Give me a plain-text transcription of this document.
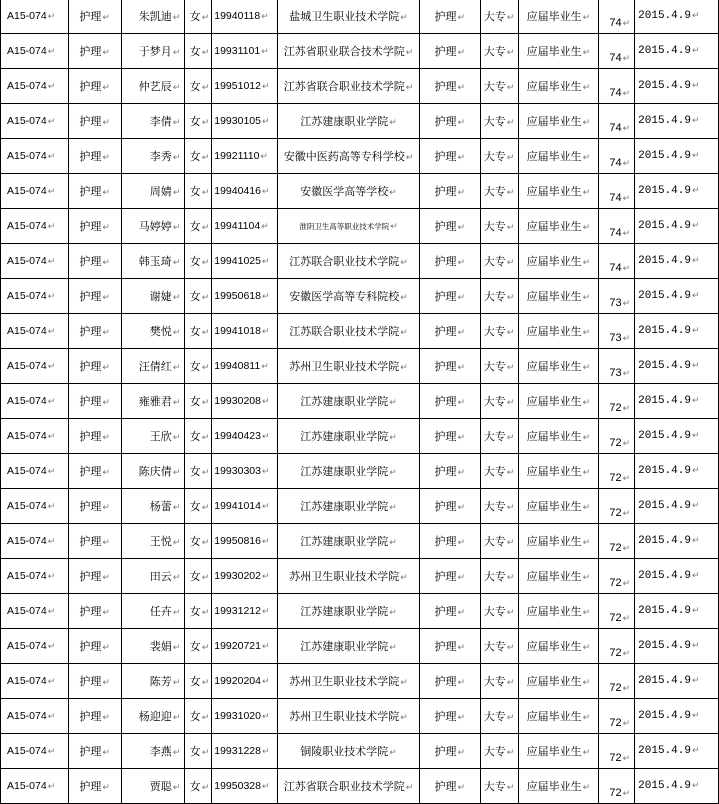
A15-074↵	护理↵	朱凯迪↵	女↵	19940118↵	盐城卫生职业技术学院↵	护理↵	大专↵	应届毕业生↵	74↵	2015.4.9↵
A15-074↵	护理↵	于梦月↵	女↵	19931101↵	江苏省职业联合技术学院↵	护理↵	大专↵	应届毕业生↵	74↵	2015.4.9↵
A15-074↵	护理↵	仲艺辰↵	女↵	19951012↵	江苏省联合职业技术学院↵	护理↵	大专↵	应届毕业生↵	74↵	2015.4.9↵
A15-074↵	护理↵	李倩↵	女↵	19930105↵	江苏建康职业学院↵	护理↵	大专↵	应届毕业生↵	74↵	2015.4.9↵
A15-074↵	护理↵	李秀↵	女↵	19921110↵	安徽中医药高等专科学校↵	护理↵	大专↵	应届毕业生↵	74↵	2015.4.9↵
A15-074↵	护理↵	周婧↵	女↵	19940416↵	安徽医学高等学校↵	护理↵	大专↵	应届毕业生↵	74↵	2015.4.9↵
A15-074↵	护理↵	马婷婷↵	女↵	19941104↵	淮阴卫生高等职业技术学院↵	护理↵	大专↵	应届毕业生↵	74↵	2015.4.9↵
A15-074↵	护理↵	韩玉琦↵	女↵	19941025↵	江苏联合职业技术学院↵	护理↵	大专↵	应届毕业生↵	74↵	2015.4.9↵
A15-074↵	护理↵	谢婕↵	女↵	19950618↵	安徽医学高等专科院校↵	护理↵	大专↵	应届毕业生↵	73↵	2015.4.9↵
A15-074↵	护理↵	樊悦↵	女↵	19941018↵	江苏联合职业技术学院↵	护理↵	大专↵	应届毕业生↵	73↵	2015.4.9↵
A15-074↵	护理↵	汪倩红↵	女↵	19940811↵	苏州卫生职业技术学院↵	护理↵	大专↵	应届毕业生↵	73↵	2015.4.9↵
A15-074↵	护理↵	雍雅君↵	女↵	19930208↵	江苏建康职业学院↵	护理↵	大专↵	应届毕业生↵	72↵	2015.4.9↵
A15-074↵	护理↵	王欣↵	女↵	19940423↵	江苏建康职业学院↵	护理↵	大专↵	应届毕业生↵	72↵	2015.4.9↵
A15-074↵	护理↵	陈庆倩↵	女↵	19930303↵	江苏建康职业学院↵	护理↵	大专↵	应届毕业生↵	72↵	2015.4.9↵
A15-074↵	护理↵	杨蕾↵	女↵	19941014↵	江苏建康职业学院↵	护理↵	大专↵	应届毕业生↵	72↵	2015.4.9↵
A15-074↵	护理↵	王悦↵	女↵	19950816↵	江苏建康职业学院↵	护理↵	大专↵	应届毕业生↵	72↵	2015.4.9↵
A15-074↵	护理↵	田云↵	女↵	19930202↵	苏州卫生职业技术学院↵	护理↵	大专↵	应届毕业生↵	72↵	2015.4.9↵
A15-074↵	护理↵	任卉↵	女↵	19931212↵	江苏建康职业学院↵	护理↵	大专↵	应届毕业生↵	72↵	2015.4.9↵
A15-074↵	护理↵	裴娟↵	女↵	19920721↵	江苏建康职业学院↵	护理↵	大专↵	应届毕业生↵	72↵	2015.4.9↵
A15-074↵	护理↵	陈芳↵	女↵	19920204↵	苏州卫生职业技术学院↵	护理↵	大专↵	应届毕业生↵	72↵	2015.4.9↵
A15-074↵	护理↵	杨迎迎↵	女↵	19931020↵	苏州卫生职业技术学院↵	护理↵	大专↵	应届毕业生↵	72↵	2015.4.9↵
A15-074↵	护理↵	李燕↵	女↵	19931228↵	铜陵职业技术学院↵	护理↵	大专↵	应届毕业生↵	72↵	2015.4.9↵
A15-074↵	护理↵	贾聪↵	女↵	19950328↵	江苏省联合职业技术学院↵	护理↵	大专↵	应届毕业生↵	72↵	2015.4.9↵
